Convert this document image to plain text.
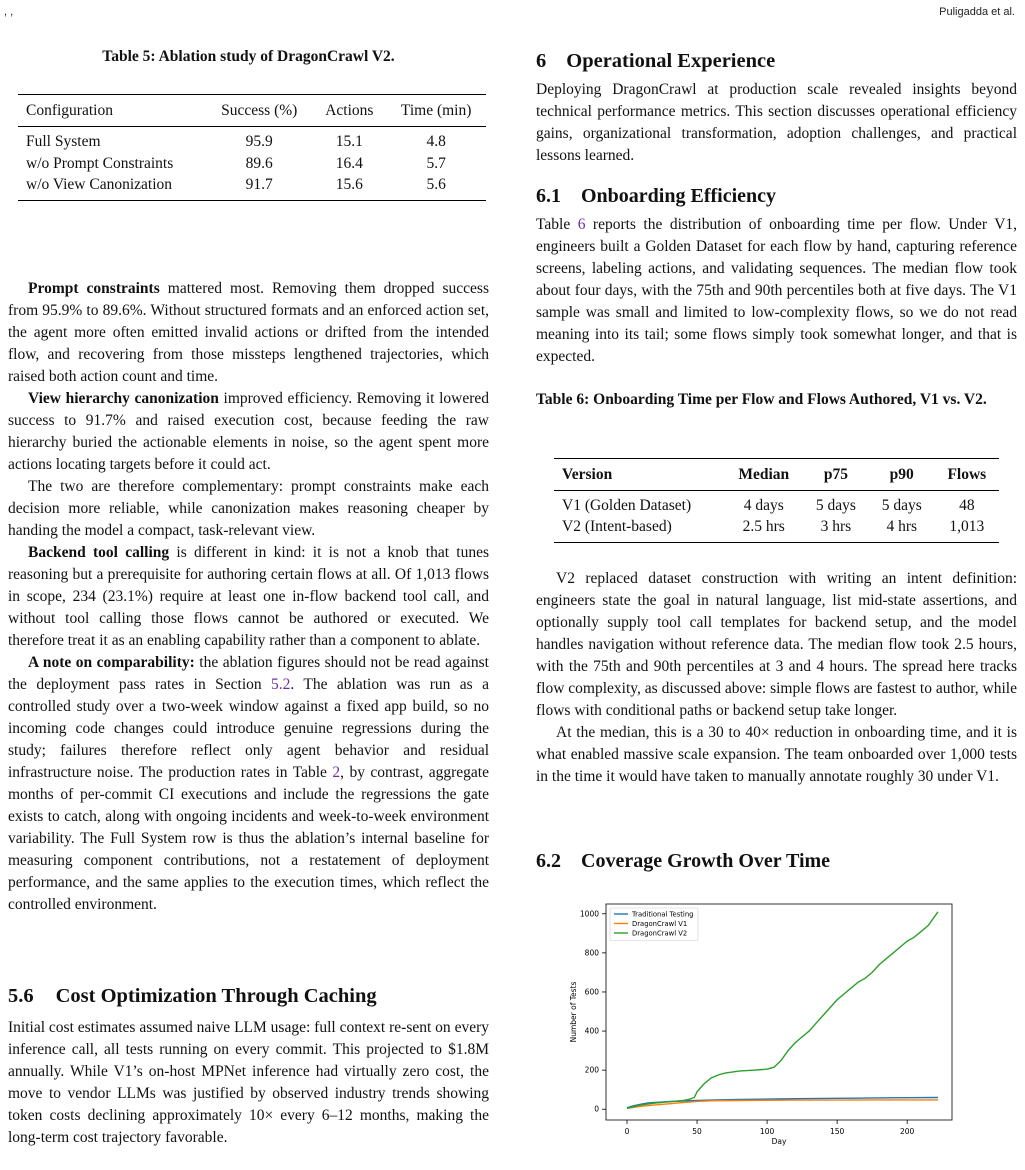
, ,	Puligadda et al.
Table 5: Ablation study of DragonCrawl V2.
Configuration	Success (%)	Actions	Time (min)
Full System	95.9	15.1	4.8
w/o Prompt Constraints	89.6	16.4	5.7
w/o View Canonization	91.7	15.6	5.6

Prompt constraints mattered most. Removing them dropped success from 95.9% to 89.6%. Without structured formats and an enforced action set, the agent more often emitted invalid actions or drifted from the intended flow, and recovering from those missteps lengthened trajectories, which raised both action count and time.

View hierarchy canonization improved efficiency. Removing it lowered success to 91.7% and raised execution cost, because feeding the raw hierarchy buried the actionable elements in noise, so the agent spent more actions locating targets before it could act.

The two are therefore complementary: prompt constraints make each decision more reliable, while canonization makes reasoning cheaper by handing the model a compact, task-relevant view.

Backend tool calling is different in kind: it is not a knob that tunes reasoning but a prerequisite for authoring certain flows at all. Of 1,013 flows in scope, 234 (23.1%) require at least one in-flow backend tool call, and without tool calling those flows cannot be authored or executed. We therefore treat it as an enabling capability rather than a component to ablate.

A note on comparability: the ablation figures should not be read against the deployment pass rates in Section 5.2. The ablation was run as a controlled study over a two-week window against a fixed app build, so no incoming code changes could introduce genuine regressions during the study; failures therefore reflect only agent behavior and residual infrastructure noise. The production rates in Table 2, by contrast, aggregate months of per-commit CI executions and include the regressions the gate exists to catch, along with ongoing incidents and week-to-week environment variability. The Full System row is thus the ablation’s internal baseline for measuring component contributions, not a restatement of deployment performance, and the same applies to the execution times, which reflect the controlled environment.

5.6 Cost Optimization Through Caching

Initial cost estimates assumed naive LLM usage: full context re-sent on every inference call, all tests running on every commit. This projected to $1.8M annually. While V1’s on-host MPNet inference had virtually zero cost, the move to vendor LLMs was justified by observed industry trends showing token costs declining approximately 10× every 6–12 months, making the long-term cost trajectory favorable.

6 Operational Experience

Deploying DragonCrawl at production scale revealed insights beyond technical performance metrics. This section discusses operational efficiency gains, organizational transformation, adoption challenges, and practical lessons learned.

6.1 Onboarding Efficiency

Table 6 reports the distribution of onboarding time per flow. Under V1, engineers built a Golden Dataset for each flow by hand, capturing reference screens, labeling actions, and validating sequences. The median flow took about four days, with the 75th and 90th percentiles both at five days. The V1 sample was small and limited to low-complexity flows, so we do not read meaning into its tail; some flows simply took somewhat longer, and that is expected.

Table 6: Onboarding Time per Flow and Flows Authored, V1 vs. V2.
Version	Median	p75	p90	Flows
V1 (Golden Dataset)	4 days	5 days	5 days	48
V2 (Intent-based)	2.5 hrs	3 hrs	4 hrs	1,013

V2 replaced dataset construction with writing an intent definition: engineers state the goal in natural language, list mid-state assertions, and optionally supply tool call templates for backend setup, and the model handles navigation without reference data. The median flow took 2.5 hours, with the 75th and 90th percentiles at 3 and 4 hours. The spread here tracks flow complexity, as discussed above: simple flows are fastest to author, while flows with conditional paths or backend setup take longer.

At the median, this is a 30 to 40× reduction in onboarding time, and it is what enabled massive scale expansion. The team onboarded over 1,000 tests in the time it would have taken to manually annotate roughly 30 under V1.

6.2 Coverage Growth Over Time
0	50	100	150	200
0
200
400
600
800
1000
Day
Number of Tests
Traditional Testing
DragonCrawl V1
DragonCrawl V2
